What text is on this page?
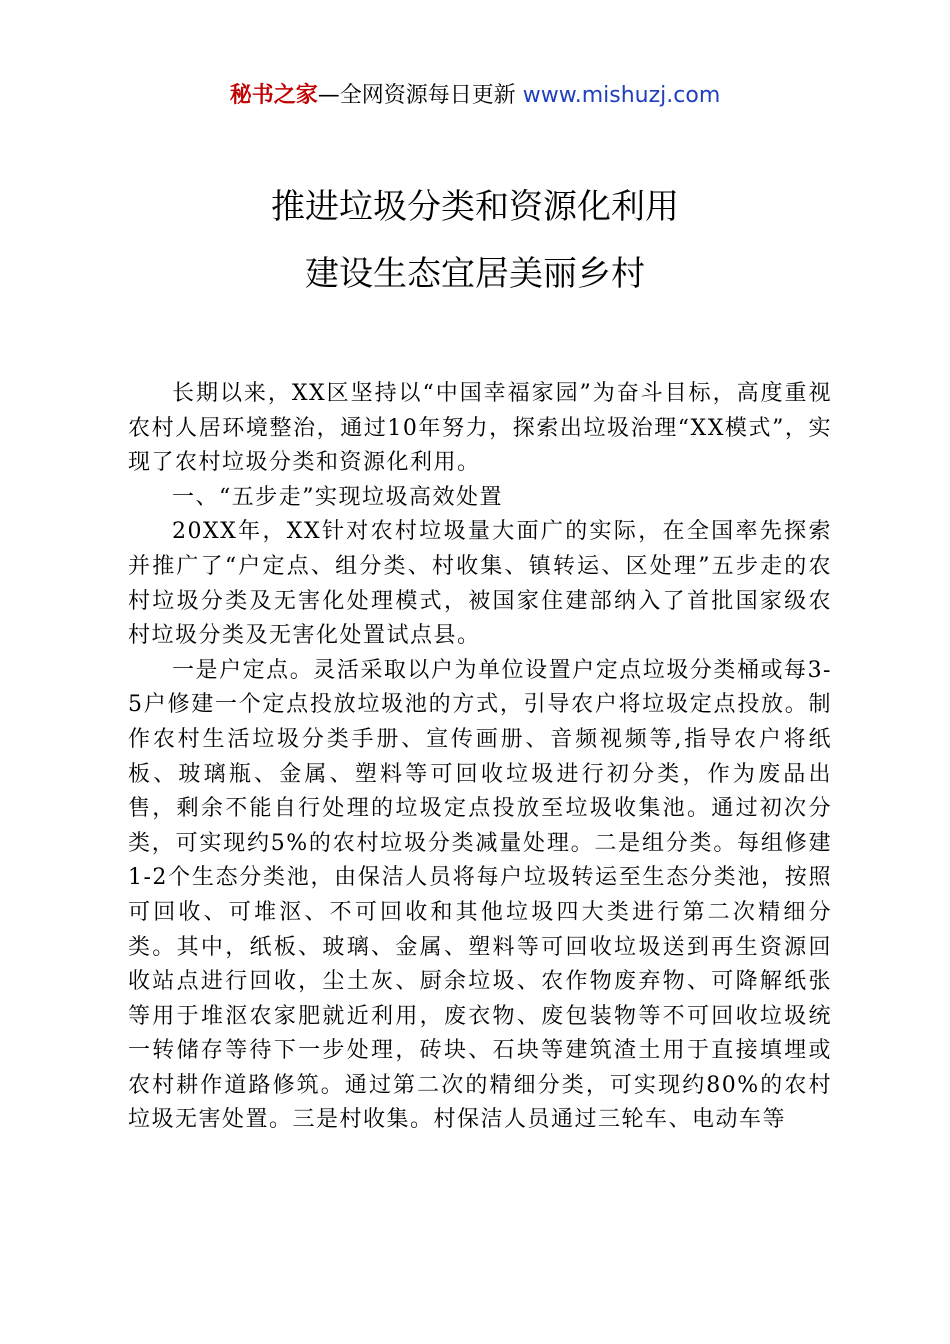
秘书之家—全网资源每日更新 www.mishuzj.com
推进垃圾分类和资源化利用
建设生态宜居美丽乡村

长期以来，XX区坚持以“中国幸福家园”为奋斗目标，高度重视农村人居环境整治，通过10年努力，探索出垃圾治理“XX模式”，实现了农村垃圾分类和资源化利用。

一、“五步走”实现垃圾高效处置

20XX年，XX针对农村垃圾量大面广的实际，在全国率先探索并推广了“户定点、组分类、村收集、镇转运、区处理”五步走的农村垃圾分类及无害化处理模式，被国家住建部纳入了首批国家级农村垃圾分类及无害化处置试点县。

一是户定点。灵活采取以户为单位设置户定点垃圾分类桶或每3-5户修建一个定点投放垃圾池的方式，引导农户将垃圾定点投放。制作农村生活垃圾分类手册、宣传画册、音频视频等,指导农户将纸板、玻璃瓶、金属、塑料等可回收垃圾进行初分类，作为废品出售，剩余不能自行处理的垃圾定点投放至垃圾收集池。通过初次分类，可实现约5%的农村垃圾分类减量处理。二是组分类。每组修建1-2个生态分类池，由保洁人员将每户垃圾转运至生态分类池，按照可回收、可堆沤、不可回收和其他垃圾四大类进行第二次精细分类。其中，纸板、玻璃、金属、塑料等可回收垃圾送到再生资源回收站点进行回收，尘土灰、厨余垃圾、农作物废弃物、可降解纸张等用于堆沤农家肥就近利用，废衣物、废包装物等不可回收垃圾统一转储存等待下一步处理，砖块、石块等建筑渣土用于直接填埋或农村耕作道路修筑。通过第二次的精细分类，可实现约80%的农村垃圾无害处置。三是村收集。村保洁人员通过三轮车、电动车等
